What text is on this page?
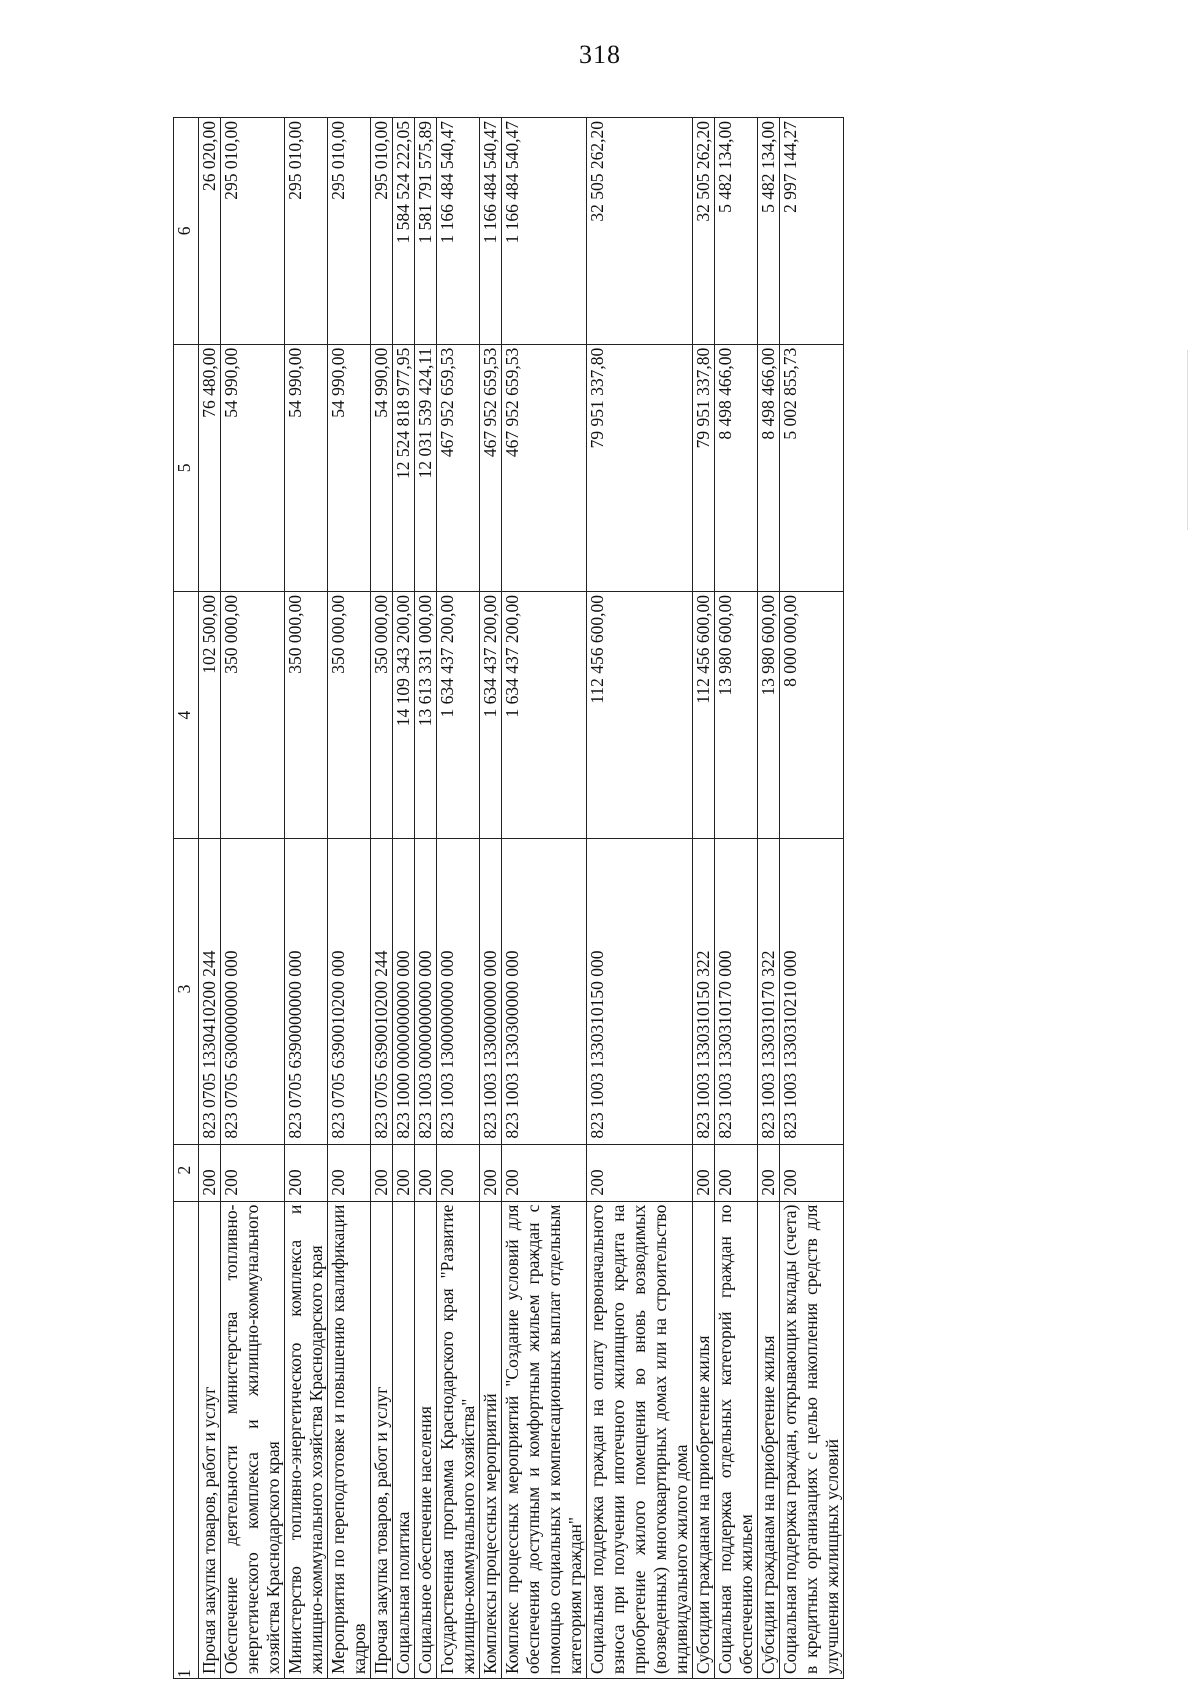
318
1	2	3	4	5	6
Прочая закупка товаров, работ и услуг	200	823 0705 1330410200 244	102 500,00	76 480,00	26 020,00
Обеспечение деятельности министерства топливно-энергетического комплекса и жилищно-коммунального хозяйства Краснодарского края	200	823 0705 6300000000 000	350 000,00	54 990,00	295 010,00
Министерство топливно-энергетического комплекса и жилищно-коммунального хозяйства Краснодарского края	200	823 0705 6390000000 000	350 000,00	54 990,00	295 010,00
Мероприятия по переподготовке и повышению квалификации кадров	200	823 0705 6390010200 000	350 000,00	54 990,00	295 010,00
Прочая закупка товаров, работ и услуг	200	823 0705 6390010200 244	350 000,00	54 990,00	295 010,00
Социальная политика	200	823 1000 0000000000 000	14 109 343 200,00	12 524 818 977,95	1 584 524 222,05
Социальное обеспечение населения	200	823 1003 0000000000 000	13 613 331 000,00	12 031 539 424,11	1 581 791 575,89
Государственная программа Краснодарского края "Развитие жилищно-коммунального хозяйства"	200	823 1003 1300000000 000	1 634 437 200,00	467 952 659,53	1 166 484 540,47
Комплексы процессных мероприятий	200	823 1003 1330000000 000	1 634 437 200,00	467 952 659,53	1 166 484 540,47
Комплекс процессных мероприятий "Создание условий для обеспечения доступным и комфортным жильем граждан с помощью социальных и компенсационных выплат отдельным категориям граждан"	200	823 1003 1330300000 000	1 634 437 200,00	467 952 659,53	1 166 484 540,47
Социальная поддержка граждан на оплату первоначального взноса при получении ипотечного жилищного кредита на приобретение жилого помещения во вновь возводимых (возведенных) многоквартирных домах или на строительство индивидуального жилого дома	200	823 1003 1330310150 000	112 456 600,00	79 951 337,80	32 505 262,20
Субсидии гражданам на приобретение жилья	200	823 1003 1330310150 322	112 456 600,00	79 951 337,80	32 505 262,20
Социальная поддержка отдельных категорий граждан по обеспечению жильем	200	823 1003 1330310170 000	13 980 600,00	8 498 466,00	5 482 134,00
Субсидии гражданам на приобретение жилья	200	823 1003 1330310170 322	13 980 600,00	8 498 466,00	5 482 134,00
Социальная поддержка граждан, открывающих вклады (счета) в кредитных организациях с целью накопления средств для улучшения жилищных условий	200	823 1003 1330310210 000	8 000 000,00	5 002 855,73	2 997 144,27
